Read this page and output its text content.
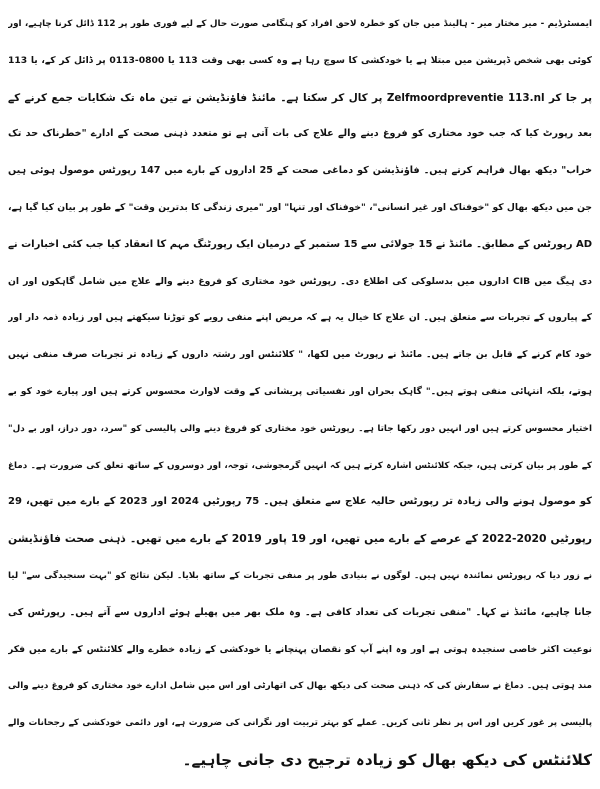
ایمسٹرڈیم - میر مختار میر - ہالینڈ میں جان کو خطرہ لاحق افراد کو ہنگامی صورت حال کے لیے فوری طور پر 112 ڈائل کرنا چاہیے، اور
کوئی بھی شخص ڈپریشن میں مبتلا ہے یا خودکشی کا سوچ رہا ہے وہ کسی بھی وقت 113 یا 0800-0113 پر ڈائل کر کے، یا 113
پر جا کر Zelfmoordpreventie 113.nl پر کال کر سکتا ہے۔ مائنڈ فاؤنڈیشن نے تین ماہ تک شکایات جمع کرنے کے
بعد رپورٹ کیا کہ جب خود مختاری کو فروغ دینے والے علاج کی بات آتی ہے تو متعدد ذہنی صحت کے ادارے "خطرناک حد تک
خراب" دیکھ بھال فراہم کرتے ہیں۔ فاؤنڈیشن کو دماغی صحت کے 25 اداروں کے بارے میں 147 رپورٹس موصول ہوئی ہیں
جن میں دیکھ بھال کو "خوفناک اور غیر انسانی"، "خوفناک اور تنہا" اور "میری زندگی کا بدترین وقت" کے طور پر بیان کیا گیا ہے،
AD رپورٹس کے مطابق۔ مائنڈ نے 15 جولائی سے 15 ستمبر کے درمیان ایک رپورٹنگ مہم کا انعقاد کیا جب کئی اخبارات نے
دی ہیگ میں CIB اداروں میں بدسلوکی کی اطلاع دی۔ رپورٹس خود مختاری کو فروغ دینے والے علاج میں شامل گاہکوں اور ان
کے پیاروں کے تجربات سے متعلق ہیں۔ ان علاج کا خیال یہ ہے کہ مریض اپنے منفی رویے کو توڑنا سیکھتے ہیں اور زیادہ ذمہ دار اور
خود کام کرنے کے قابل بن جاتے ہیں۔ مائنڈ نے رپورٹ میں لکھا، " کلائنٹس اور رشتہ داروں کے زیادہ تر تجربات صرف منفی نہیں
ہوتے، بلکہ انتہائی منفی ہوتے ہیں۔" گاہک بحران اور نفسیاتی پریشانی کے وقت لاوارث محسوس کرتے ہیں اور پیارے خود کو بے
اختیار محسوس کرتے ہیں اور انہیں دور رکھا جاتا ہے۔ رپورٹس خود مختاری کو فروغ دینے والی پالیسی کو "سرد، دور دراز، اور بے دل"
کے طور پر بیان کرتی ہیں، جبکہ کلائنٹس اشارہ کرتے ہیں کہ انہیں گرمجوشی، توجہ، اور دوسروں کے ساتھ تعلق کی ضرورت ہے۔ دماغ
کو موصول ہونے والی زیادہ تر رپورٹس حالیہ علاج سے متعلق ہیں۔ 75 رپورٹیں 2024 اور 2023 کے بارے میں تھیں، 29
رپورٹیں 2020-2022 کے عرصے کے بارے میں تھیں، اور 19 پاور 2019 کے بارے میں تھیں۔ ذہنی صحت فاؤنڈیشن
نے زور دیا کہ رپورٹس نمائندہ نہیں ہیں۔ لوگوں نے بنیادی طور پر منفی تجربات کے ساتھ بلایا۔ لیکن نتائج کو "بہت سنجیدگی سے" لیا
جانا چاہیے، مائنڈ نے کہا۔ "منفی تجربات کی تعداد کافی ہے۔ وہ ملک بھر میں پھیلے ہوئے اداروں سے آتے ہیں۔ رپورٹس کی
نوعیت اکثر خاصی سنجیدہ ہوتی ہے اور وہ اپنے آپ کو نقصان پہنچانے یا خودکشی کے زیادہ خطرے والے کلائنٹس کے بارے میں فکر
مند ہوتی ہیں۔ دماغ نے سفارش کی کہ ذہنی صحت کی دیکھ بھال کی اتھارٹی اور اس میں شامل ادارے خود مختاری کو فروغ دینے والی
پالیسی پر غور کریں اور اس پر نظر ثانی کریں۔ عملے کو بہتر تربیت اور نگرانی کی ضرورت ہے، اور دائمی خودکشی کے رجحانات والے
کلائنٹس کی دیکھ بھال کو زیادہ ترجیح دی جانی چاہیے۔
